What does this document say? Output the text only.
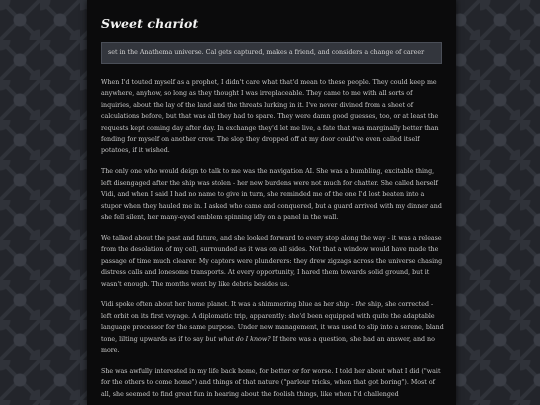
Sweet chariot
set in the Anathema universe. Cal gets captured, makes a friend, and considers a change of career

When I'd touted myself as a prophet, I didn't care what that'd mean to these people. They could keep me anywhere, anyhow, so long as they thought I was irreplaceable. They came to me with all sorts of inquiries, about the lay of the land and the threats lurking in it. I've never divined from a sheet of calculations before, but that was all they had to spare. They were damn good guesses, too, or at least the requests kept coming day after day. In exchange they'd let me live, a fate that was marginally better than fending for myself on another crew. The slop they dropped off at my door could've even called itself potatoes, if it wished.

The only one who would deign to talk to me was the navigation AI. She was a bumbling, excitable thing, left disengaged after the ship was stolen - her new burdens were not much for chatter. She called herself Vidi, and when I said I had no name to give in turn, she reminded me of the one I'd lost beaten into a stupor when they hauled me in. I asked who came and conquered, but a guard arrived with my dinner and she fell silent, her many-eyed emblem spinning idly on a panel in the wall.

We talked about the past and future, and she looked forward to every stop along the way - it was a release from the desolation of my cell, surrounded as it was on all sides. Not that a window would have made the passage of time much clearer. My captors were plunderers: they drew zigzags across the universe chasing distress calls and lonesome transports. At every opportunity, I hared them towards solid ground, but it wasn't enough. The months went by like debris besides us.

Vidi spoke often about her home planet. It was a shimmering blue as her ship - the ship, she corrected - left orbit on its first voyage. A diplomatic trip, apparently: she'd been equipped with quite the adaptable language processor for the same purpose. Under new management, it was used to slip into a serene, bland tone, lilting upwards as if to say but what do I know? If there was a question, she had an answer, and no more.

She was awfully interested in my life back home, for better or for worse. I told her about what I did ("wait for the others to come home") and things of that nature ("parlour tricks, when that got boring"). Most of all, she seemed to find great fun in hearing about the foolish things, like when I'd challenged
